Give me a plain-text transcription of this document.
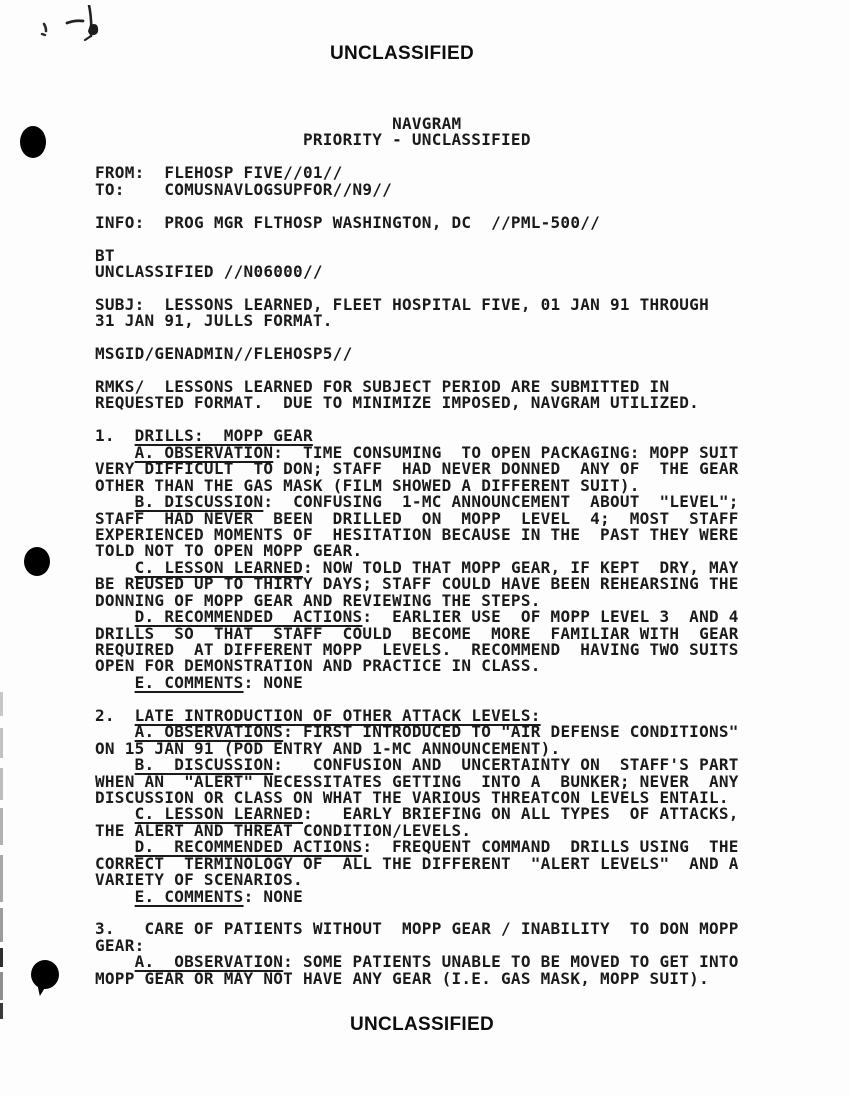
UNCLASSIFIED
UNCLASSIFIED
NAVGRAM
PRIORITY - UNCLASSIFIED
FROM:  FLEHOSP FIVE//01//
TO:    COMUSNAVLOGSUPFOR//N9//
INFO:  PROG MGR FLTHOSP WASHINGTON, DC  //PML-500//
BT
UNCLASSIFIED //N06000//
SUBJ:  LESSONS LEARNED, FLEET HOSPITAL FIVE, 01 JAN 91 THROUGH
31 JAN 91, JULLS FORMAT.
MSGID/GENADMIN//FLEHOSP5//
RMKS/  LESSONS LEARNED FOR SUBJECT PERIOD ARE SUBMITTED IN
REQUESTED FORMAT.  DUE TO MINIMIZE IMPOSED, NAVGRAM UTILIZED.
1.  DRILLS:  MOPP GEAR
A. OBSERVATION:  TIME CONSUMING  TO OPEN PACKAGING: MOPP SUIT
VERY DIFFICULT  TO DON; STAFF  HAD NEVER DONNED  ANY OF  THE GEAR
OTHER THAN THE GAS MASK (FILM SHOWED A DIFFERENT SUIT).
B. DISCUSSION:  CONFUSING  1-MC ANNOUNCEMENT  ABOUT  "LEVEL";
STAFF  HAD NEVER  BEEN  DRILLED  ON  MOPP  LEVEL  4;  MOST  STAFF
EXPERIENCED MOMENTS OF  HESITATION BECAUSE IN THE  PAST THEY WERE
TOLD NOT TO OPEN MOPP GEAR.
C. LESSON LEARNED: NOW TOLD THAT MOPP GEAR, IF KEPT  DRY, MAY
BE REUSED UP TO THIRTY DAYS; STAFF COULD HAVE BEEN REHEARSING THE
DONNING OF MOPP GEAR AND REVIEWING THE STEPS.
D. RECOMMENDED  ACTIONS:  EARLIER USE  OF MOPP LEVEL 3  AND 4
DRILLS  SO  THAT  STAFF  COULD  BECOME  MORE  FAMILIAR WITH  GEAR
REQUIRED  AT DIFFERENT MOPP  LEVELS.  RECOMMEND  HAVING TWO SUITS
OPEN FOR DEMONSTRATION AND PRACTICE IN CLASS.
E. COMMENTS: NONE
2.  LATE INTRODUCTION OF OTHER ATTACK LEVELS:
A. OBSERVATIONS: FIRST INTRODUCED TO "AIR DEFENSE CONDITIONS"
ON 15 JAN 91 (POD ENTRY AND 1-MC ANNOUNCEMENT).
B.  DISCUSSION:   CONFUSION AND  UNCERTAINTY ON  STAFF'S PART
WHEN AN  "ALERT" NECESSITATES GETTING  INTO A  BUNKER; NEVER  ANY
DISCUSSION OR CLASS ON WHAT THE VARIOUS THREATCON LEVELS ENTAIL.
C. LESSON LEARNED:   EARLY BRIEFING ON ALL TYPES  OF ATTACKS,
THE ALERT AND THREAT CONDITION/LEVELS.
D.  RECOMMENDED ACTIONS:  FREQUENT COMMAND  DRILLS USING  THE
CORRECT  TERMINOLOGY OF  ALL THE DIFFERENT  "ALERT LEVELS"  AND A
VARIETY OF SCENARIOS.
E. COMMENTS: NONE
3.   CARE OF PATIENTS WITHOUT  MOPP GEAR / INABILITY  TO DON MOPP
GEAR:
A.  OBSERVATION: SOME PATIENTS UNABLE TO BE MOVED TO GET INTO
MOPP GEAR OR MAY NOT HAVE ANY GEAR (I.E. GAS MASK, MOPP SUIT).
